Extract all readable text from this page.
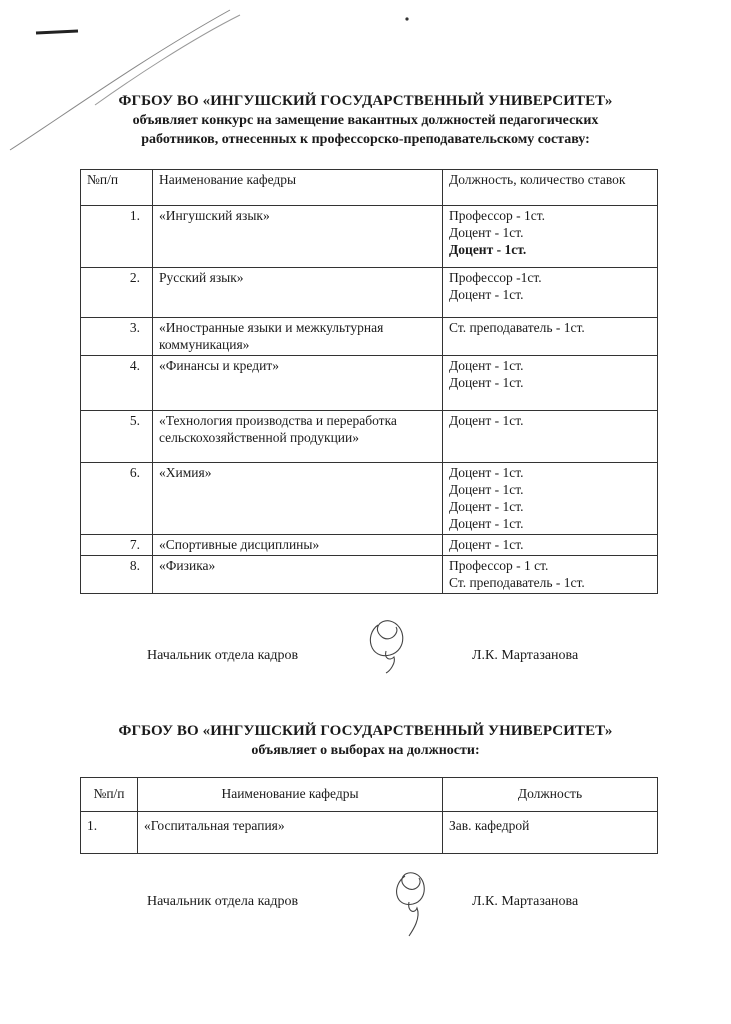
ФГБОУ ВО «ИНГУШСКИЙ ГОСУДАРСТВЕННЫЙ УНИВЕРСИТЕТ»
объявляет конкурс на замещение вакантных должностей педагогических
работников, отнесенных к профессорско-преподавательскому составу:
№п/п	Наименование кафедры	Должность, количество ставок
1.	«Ингушский язык»	Профессор - 1ст.
Доцент - 1ст.
Доцент - 1ст.

2.	Русский язык»	Профессор -1ст.
Доцент - 1ст.

3.	«Иностранные языки и межкультурная коммуникация»	Ст. преподаватель - 1ст.

4.	«Финансы и кредит»	Доцент - 1ст.
Доцент - 1ст.

5.	«Технология производства и переработка сельскохозяйственной продукции»	Доцент - 1ст.

6.	«Химия»	Доцент - 1ст.
Доцент - 1ст.
Доцент - 1ст.
Доцент - 1ст.

7.	«Спортивные дисциплины»	Доцент - 1ст.

8.	«Физика»	Профессор - 1 ст.
Ст. преподаватель - 1ст.
Начальник отдела кадров	Л.К. Мартазанова
ФГБОУ ВО «ИНГУШСКИЙ ГОСУДАРСТВЕННЫЙ УНИВЕРСИТЕТ»
объявляет о выборах на должности:
№п/п	Наименование кафедры	Должность
1.	«Госпитальная терапия»	Зав. кафедрой
Начальник отдела кадров	Л.К. Мартазанова
